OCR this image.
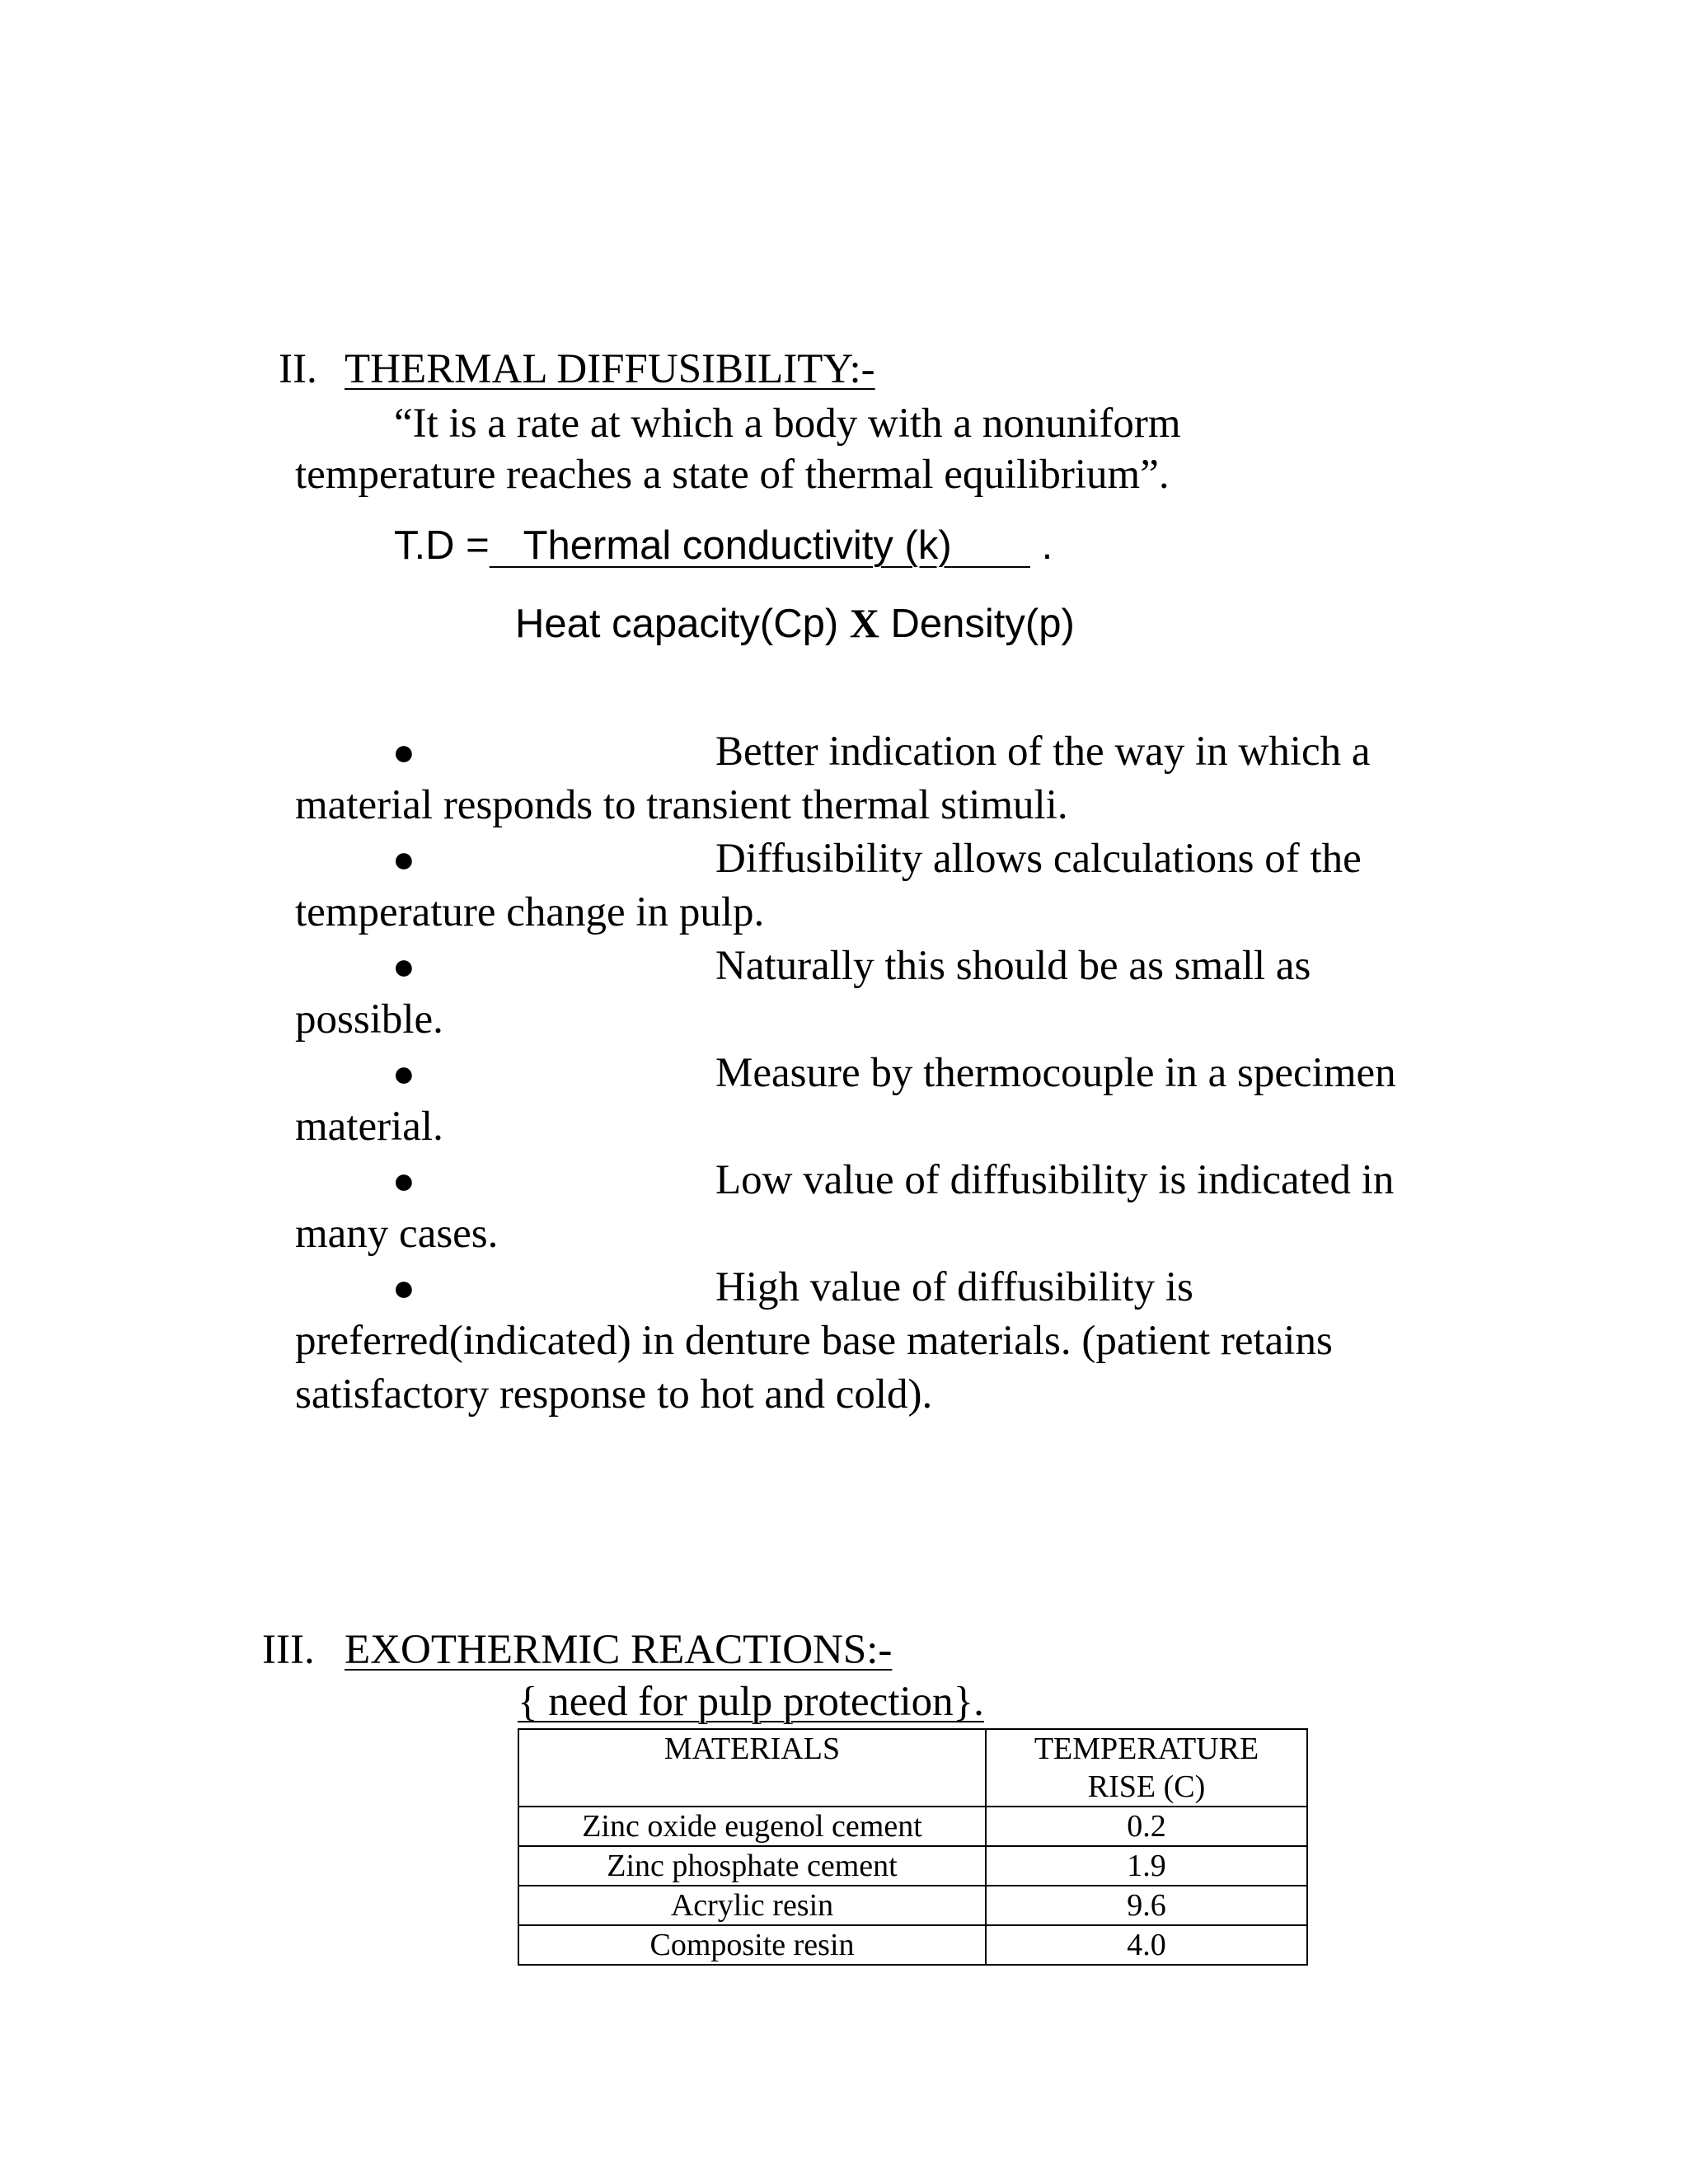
II. THERMAL DIFFUSIBILITY:-
“It is a rate at which a body with a nonuniform
temperature reaches a state of thermal equilibrium”.
T.D = Thermal conductivity (k) .
Heat capacity(Cp) X Density(p)
●	Better indication of the way in which a
material responds to transient thermal stimuli.
●	Diffusibility allows calculations of the
temperature change in pulp.
●	Naturally this should be as small as
possible.
●	Measure by thermocouple in a specimen
material.
●	Low value of diffusibility is indicated in
many cases.
●	High value of diffusibility is
preferred(indicated) in denture base materials. (patient retains
satisfactory response to hot and cold).
III. EXOTHERMIC REACTIONS:-
{ need for pulp protection}.
MATERIALS	TEMPERATURE
RISE (C)
Zinc oxide eugenol cement	0.2
Zinc phosphate cement	1.9
Acrylic resin	9.6
Composite resin	4.0
